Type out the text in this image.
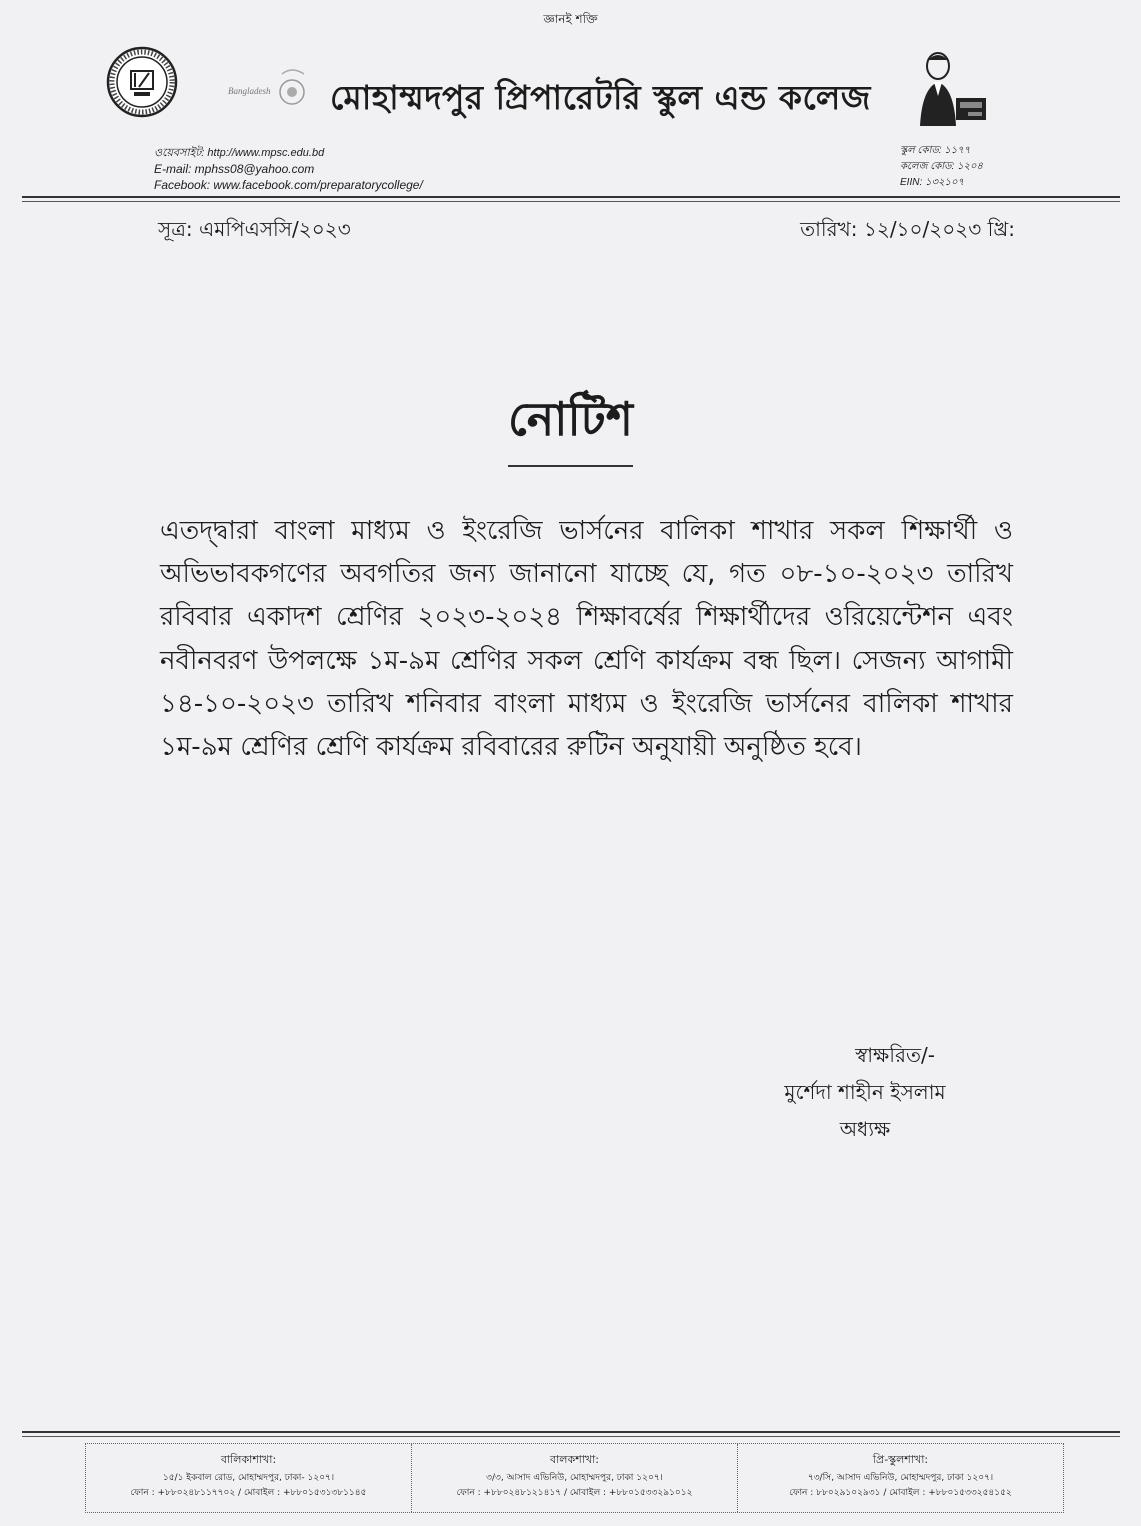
জ্ঞানই শক্তি
Bangladesh মোহাম্মদপুর প্রিপারেটরি স্কুল এন্ড কলেজ
ওয়েবসাইট: http://www.mpsc.edu.bd
E-mail: mphss08@yahoo.com
Facebook: www.facebook.com/preparatorycollege/
স্কুল কোড: ১১৭৭
কলেজ কোড: ১২০৪
EIIN: ১৩২১০৭
সূত্র: এমপিএসসি/২০২৩	তারিখ: ১২/১০/২০২৩ খ্রি:
নোটিশ
এতদ্দ্বারা বাংলা মাধ্যম ও ইংরেজি ভার্সনের বালিকা শাখার সকল শিক্ষার্থী ও অভিভাবকগণের অবগতির জন্য জানানো যাচ্ছে যে, গত ০৮-১০-২০২৩ তারিখ রবিবার একাদশ শ্রেণির ২০২৩-২০২৪ শিক্ষাবর্ষের শিক্ষার্থীদের ওরিয়েন্টেশন এবং নবীনবরণ উপলক্ষে ১ম-৯ম শ্রেণির সকল শ্রেণি কার্যক্রম বন্ধ ছিল। সেজন্য আগামী ১৪-১০-২০২৩ তারিখ শনিবার বাংলা মাধ্যম ও ইংরেজি ভার্সনের বালিকা শাখার ১ম-৯ম শ্রেণির শ্রেণি কার্যক্রম রবিবারের রুটিন অনুযায়ী অনুষ্ঠিত হবে।
স্বাক্ষরিত/-
মুর্শেদা শাহীন ইসলাম
অধ্যক্ষ
বালিকাশাখা:
১৫/১ ইকবাল রোড, মোহাম্মদপুর, ঢাকা- ১২০৭।
ফোন : +৮৮০২৪৮১১৭৭০২ / মোবাইল : +৮৮০১৫৩১৩৮১১৪৫
বালকশাখা:
৩/৩, আসাদ এভিনিউ, মোহাম্মদপুর, ঢাকা ১২০৭।
ফোন : +৮৮০২৪৮১২১৪১৭ / মোবাইল : +৮৮০১৫৩৩২৯১০১২
প্রি-স্কুলশাখা:
৭৩/সি, আসাদ এভিনিউ, মোহাম্মদপুর, ঢাকা ১২০৭।
ফোন : ৮৮০২৯১০২৯৩১ / মোবাইল : +৮৮০১৫৩৩২৫৪১৫২
